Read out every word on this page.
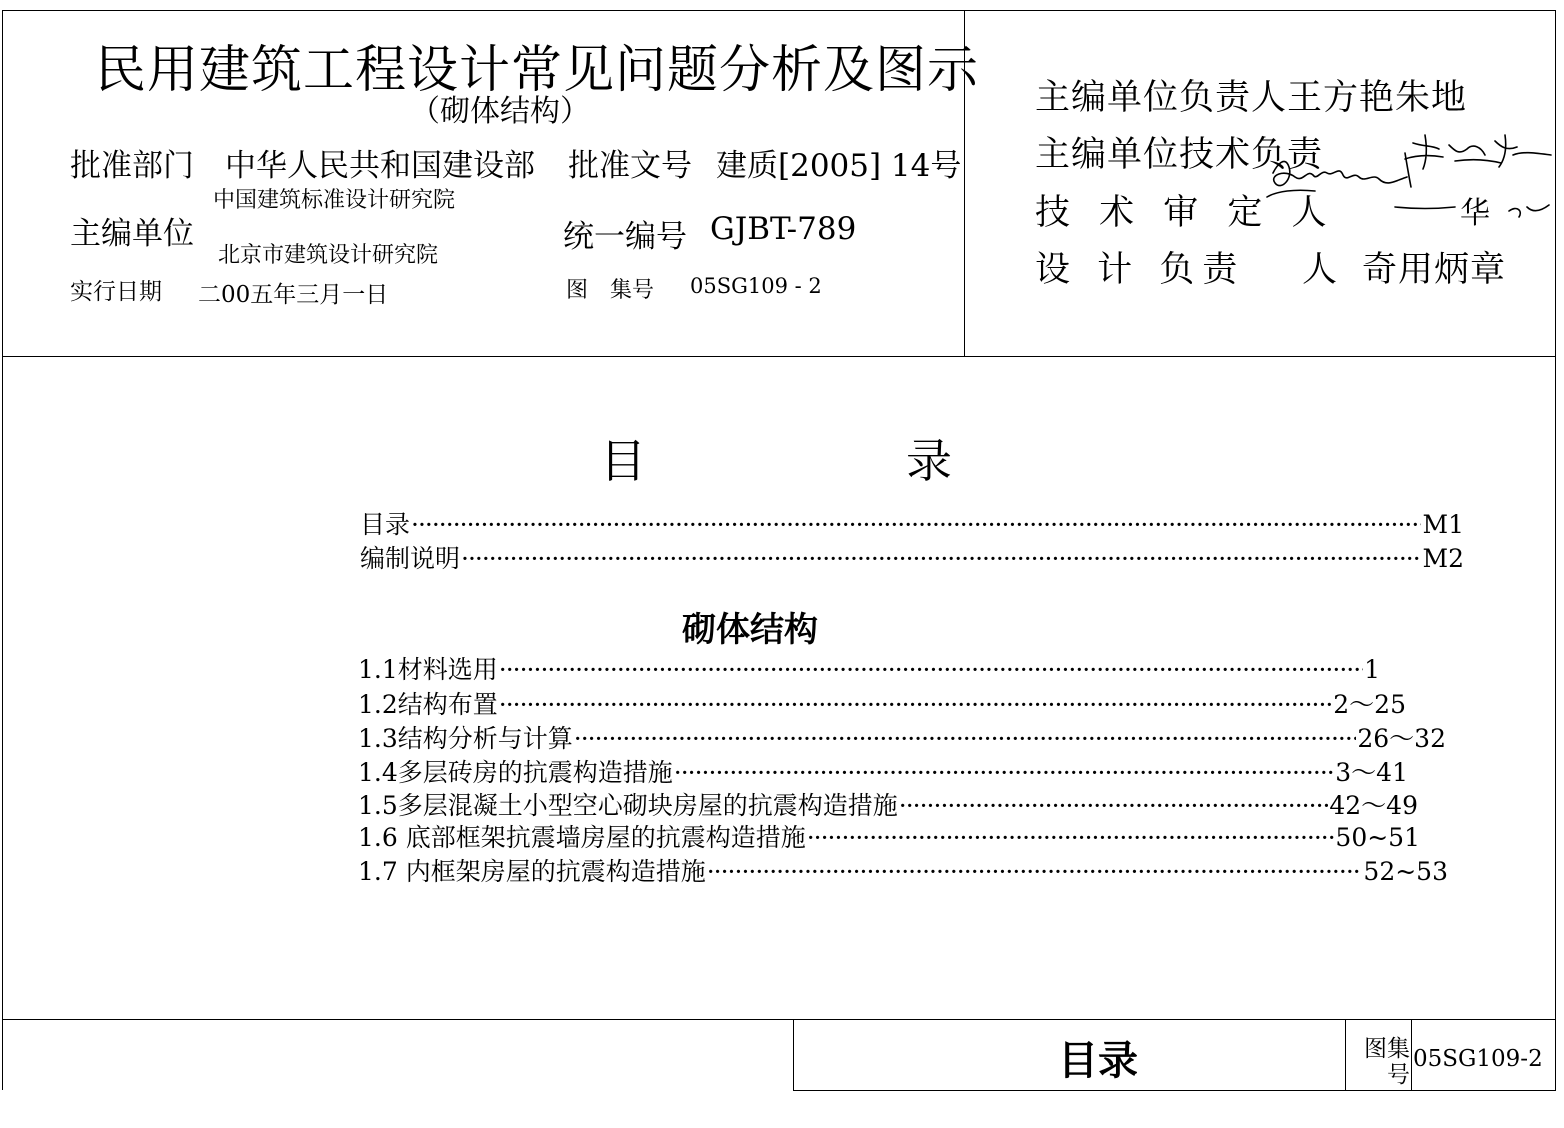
民用建筑工程设计常见问题分析及图示
（砌体结构）
批准部门 中华人民共和国建设部 批准文号 建质[2005] 14号
主编单位
中国建筑标准设计研究院
北京市建筑设计研究院
统一编号 GJBT-789
实行日期 二00五年三月一日	图　集号 05SG109 - 2
主编单位负责人王方艳朱地
主编单位技术负责
技 术 审 定 人	华
设 计 负责 人 奇用炳章
目	录
目录 ·····	M1
编制说明 ·····	M2
砌体结构
1.1材料选用 ·····	1
1.2结构布置 ·····	2～25
1.3结构分析与计算 ·····	26～32
1.4多层砖房的抗震构造措施 ·····	3～41
1.5多层混凝土小型空心砌块房屋的抗震构造措施 ·····	42～49
1.6 底部框架抗震墙房屋的抗震构造措施 ·····	50~51
1.7 内框架房屋的抗震构造措施 ·····	52~53
目录	图集号
05SG109-2
